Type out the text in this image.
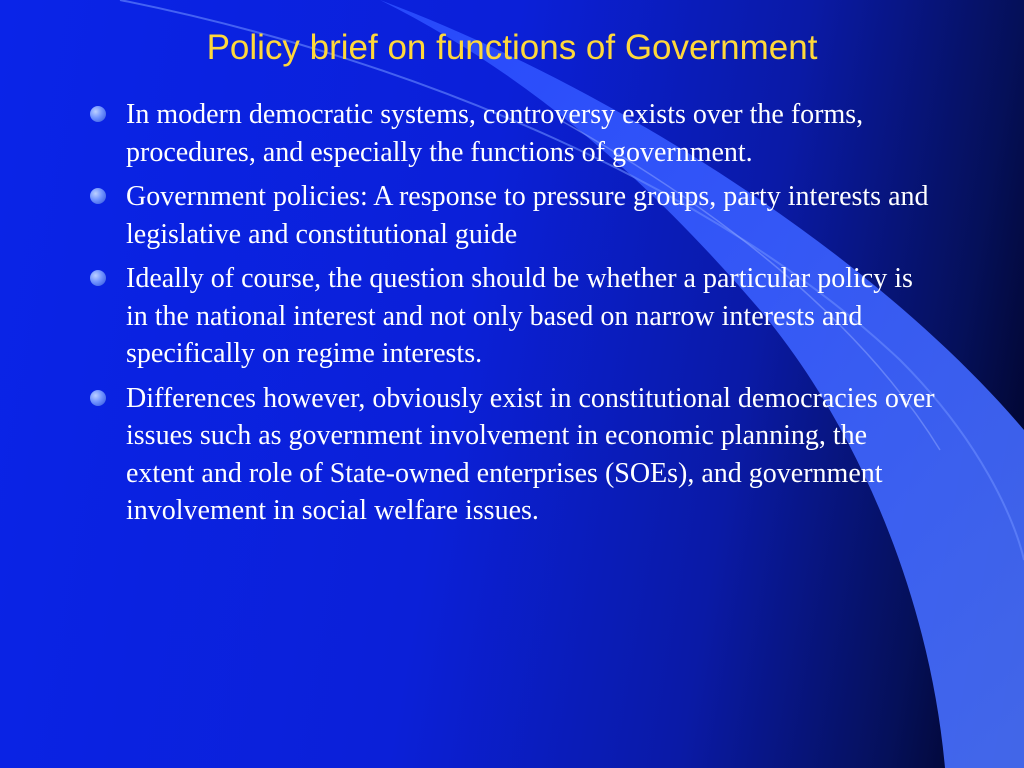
Policy brief on functions of Government
In modern democratic systems, controversy exists over the forms, procedures, and especially the functions of government.
Government policies: A response to pressure groups, party interests and legislative and constitutional guide
Ideally of course, the question should be whether a particular policy is in the national interest and not only based on narrow interests and specifically on regime interests.
Differences however, obviously exist in constitutional democracies over issues such as government involvement in economic planning, the extent and role of State-owned enterprises (SOEs), and government involvement in social welfare issues.
